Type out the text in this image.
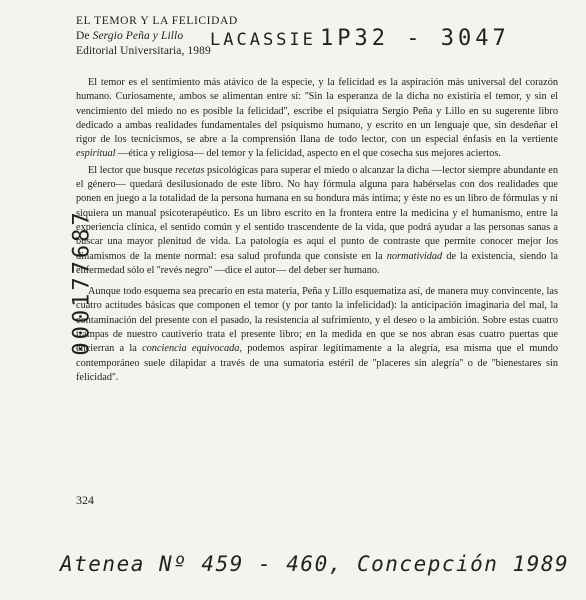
EL TEMOR Y LA FELICIDAD
De Sergio Peña y Lillo
Editorial Universitaria, 1989
LACASSIE 1P32 - 3047
000177687

El temor es el sentimiento más atávico de la especie, y la felicidad es la aspiración más universal del corazón humano. Curiosamente, ambos se alimentan entre sí: ''Sin la esperanza de la dicha no existiría el temor, y sin el vencimiento del miedo no es posible la felicidad'', escribe el psiquiatra Sergio Peña y Lillo en su sugerente libro dedicado a ambas realidades fundamentales del psiquismo humano, y escrito en un lenguaje que, sin desdeñar el rigor de los tecnicismos, se abre a la comprensión llana de todo lector, con un especial énfasis en la vertiente espiritual —ética y religiosa— del temor y la felicidad, aspecto en el que cosecha sus mejores aciertos.

El lector que busque recetas psicológicas para superar el miedo o alcanzar la dicha —lector siempre abundante en el género— quedará desilusionado de este libro. No hay fórmula alguna para habérselas con dos realidades que ponen en juego a la totalidad de la persona humana en su hondura más íntima; y éste no es un libro de fórmulas y ni siquiera un manual psicoterapéutico. Es un libro escrito en la frontera entre la medicina y el humanismo, entre la experiencia clínica, el sentido común y el sentido trascendente de la vida, que podrá ayudar a las personas sanas a buscar una mayor plenitud de vida. La patología es aquí el punto de contraste que permite conocer mejor los dinamismos de la mente normal: esa salud profunda que consiste en la normatividad de la existencia, siendo la enfermedad sólo el ''revés negro'' —dice el autor— del deber ser humano.

Aunque todo esquema sea precario en esta materia, Peña y Lillo esquematiza así, de manera muy convincente, las cuatro actitudes básicas que componen el temor (y por tanto la infelicidad): la anticipación imaginaria del mal, la contaminación del presente con el pasado, la resistencia al sufrimiento, y el deseo o la ambición. Sobre estas cuatro trampas de nuestro cautiverio trata el presente libro; en la medida en que se nos abran esas cuatro puertas que encierran a la conciencia equivocada, podemos aspirar legítimamente a la alegría, esa misma que el mundo contemporáneo suele dilapidar a través de una sumatoria estéril de ''placeres sin alegría'' o de ''bienestares sin felicidad''.

324
Atenea Nº 459 - 460, Concepción 1989
